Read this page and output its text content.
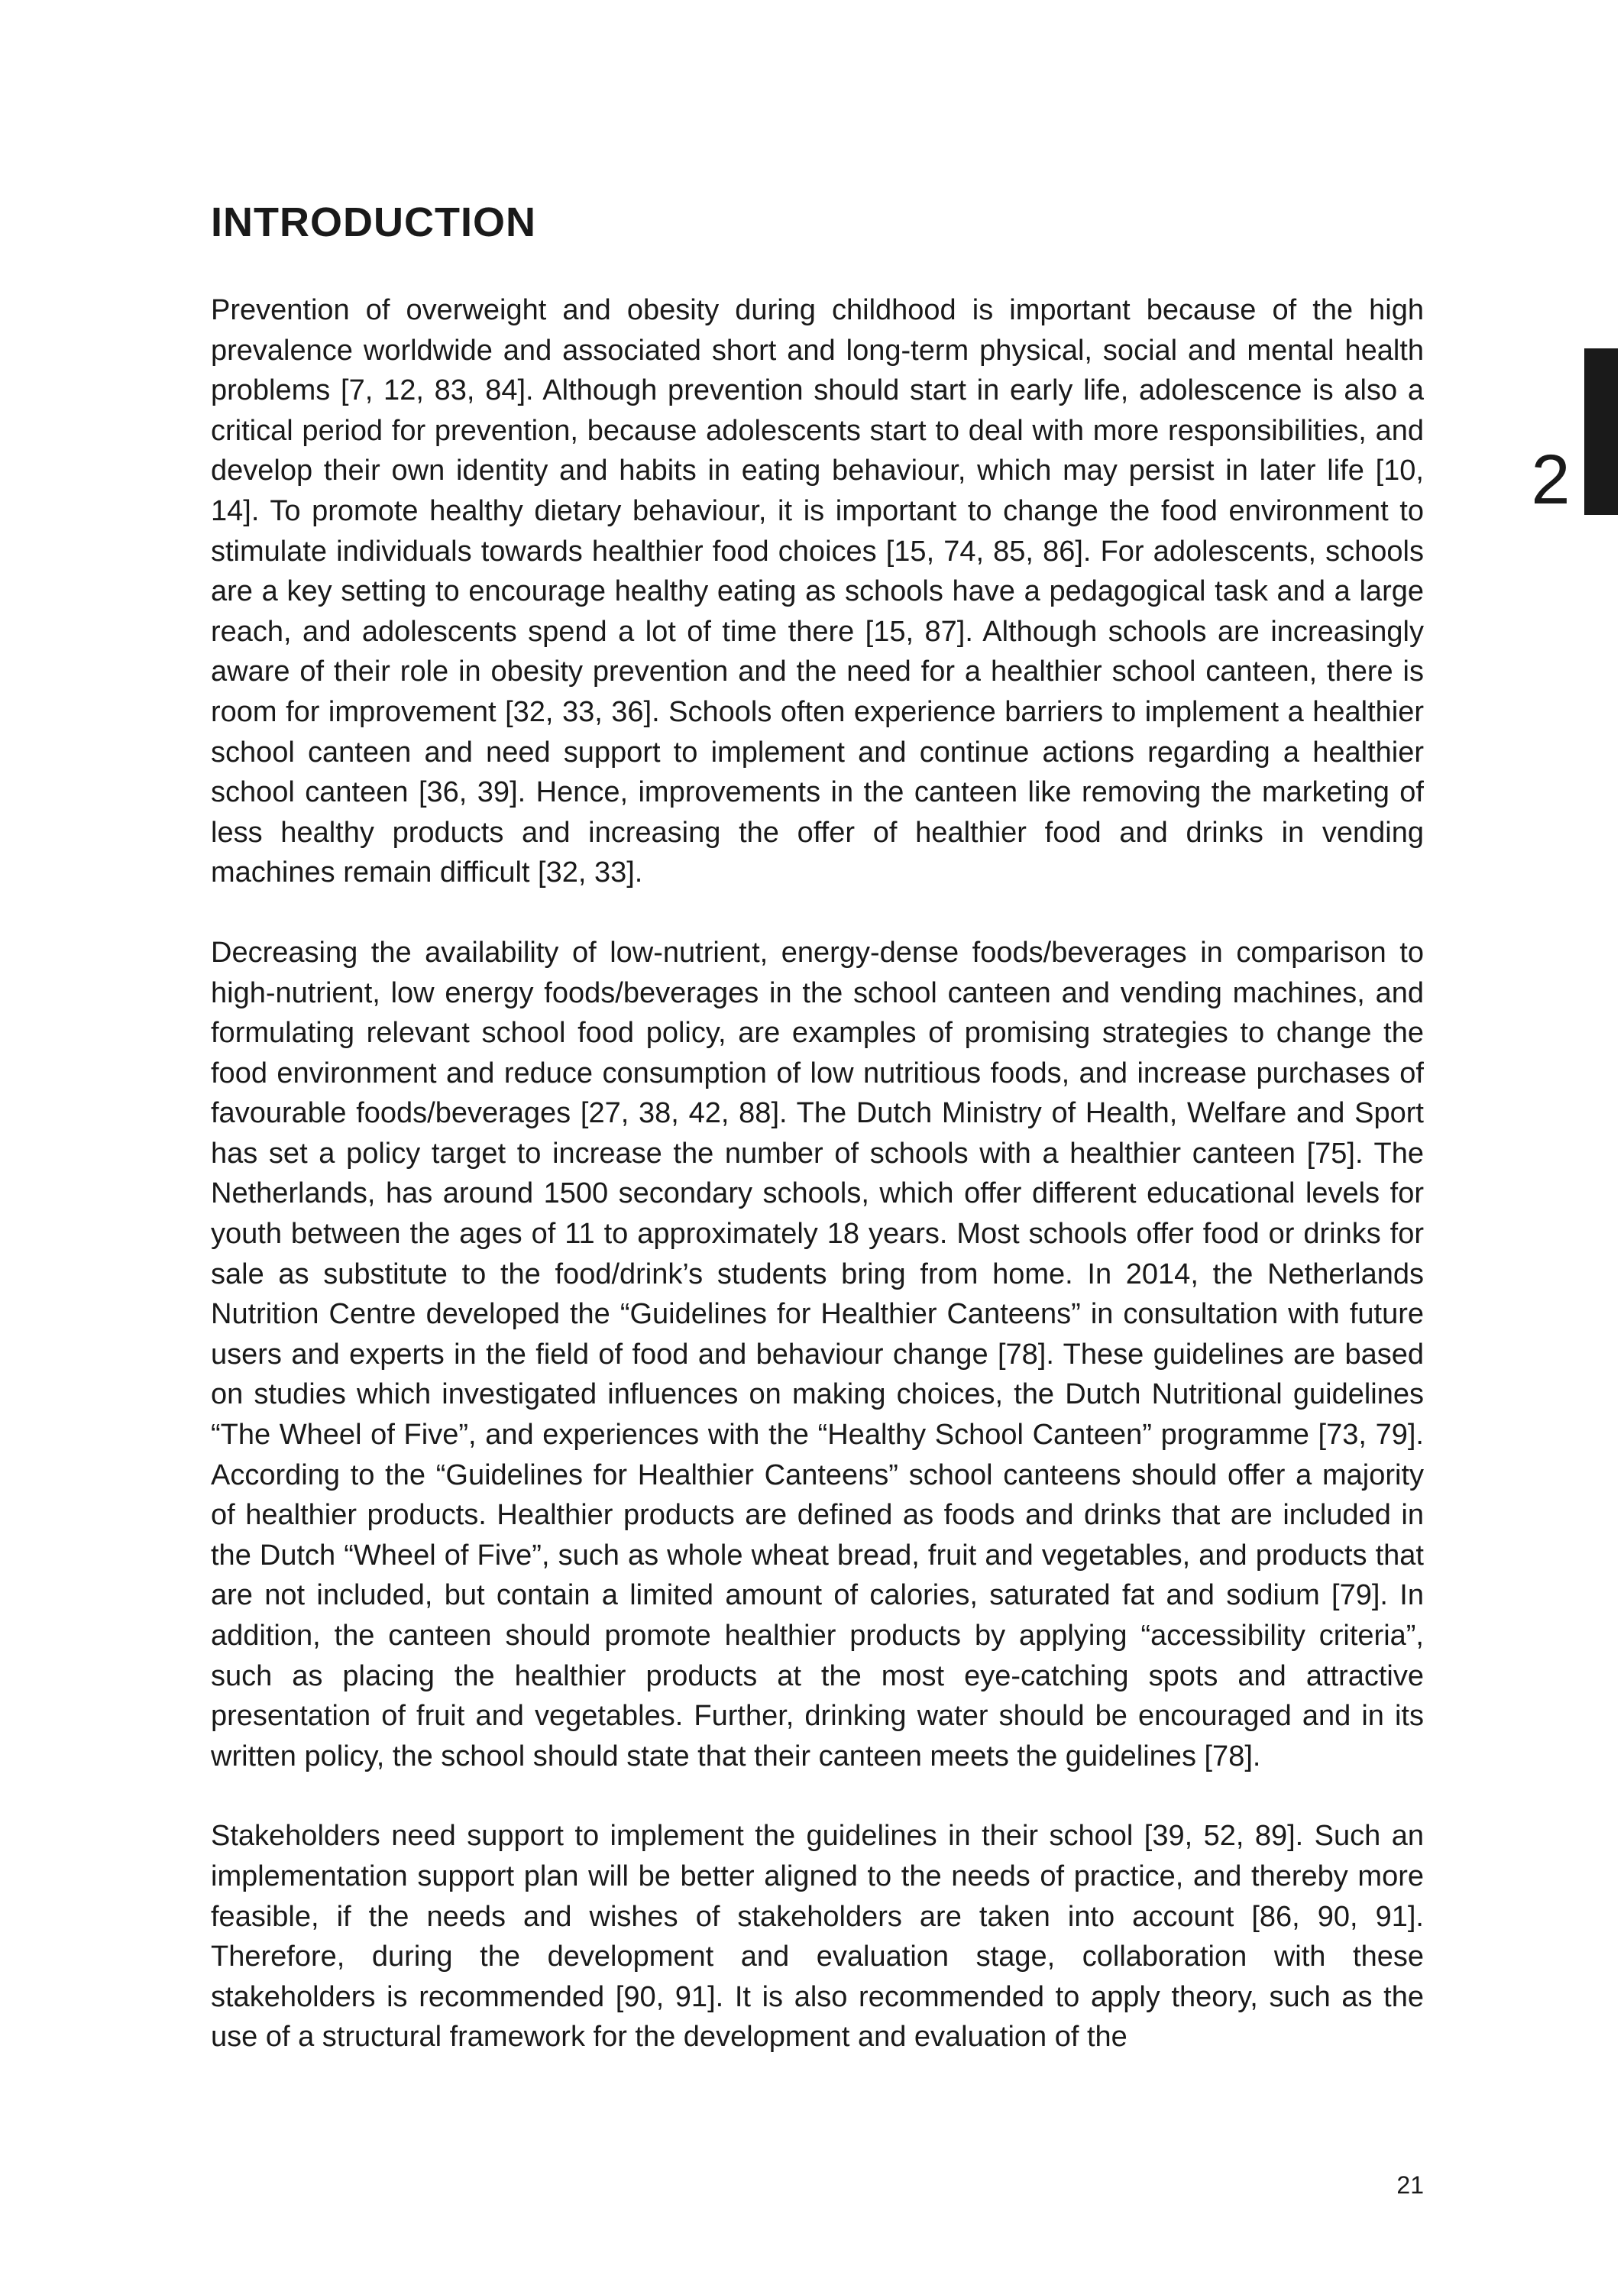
INTRODUCTION

Prevention of overweight and obesity during childhood is important because of the high prevalence worldwide and associated short and long-term physical, social and mental health problems [7, 12, 83, 84]. Although prevention should start in early life, adolescence is also a critical period for prevention, because adolescents start to deal with more responsibilities, and develop their own identity and habits in eating behaviour, which may persist in later life [10, 14]. To promote healthy dietary behaviour, it is important to change the food environment to stimulate individuals towards healthier food choices [15, 74, 85, 86]. For adolescents, schools are a key setting to encourage healthy eating as schools have a pedagogical task and a large reach, and adolescents spend a lot of time there [15, 87]. Although schools are increasingly aware of their role in obesity prevention and the need for a healthier school canteen, there is room for improvement [32, 33, 36]. Schools often experience barriers to implement a healthier school canteen and need support to implement and continue actions regarding a healthier school canteen [36, 39]. Hence, improvements in the canteen like removing the marketing of less healthy products and increasing the offer of healthier food and drinks in vending machines remain difficult [32, 33].

Decreasing the availability of low-nutrient, energy-dense foods/beverages in comparison to high-nutrient, low energy foods/beverages in the school canteen and vending machines, and formulating relevant school food policy, are examples of promising strategies to change the food environment and reduce consumption of low nutritious foods, and increase purchases of favourable foods/beverages [27, 38, 42, 88]. The Dutch Ministry of Health, Welfare and Sport has set a policy target to increase the number of schools with a healthier canteen [75]. The Netherlands, has around 1500 secondary schools, which offer different educational levels for youth between the ages of 11 to approximately 18 years. Most schools offer food or drinks for sale as substitute to the food/drink’s students bring from home. In 2014, the Netherlands Nutrition Centre developed the “Guidelines for Healthier Canteens” in consultation with future users and experts in the field of food and behaviour change [78]. These guidelines are based on studies which investigated influences on making choices, the Dutch Nutritional guidelines “The Wheel of Five”, and experiences with the “Healthy School Canteen” programme [73, 79]. According to the “Guidelines for Healthier Canteens” school canteens should offer a majority of healthier products. Healthier products are defined as foods and drinks that are included in the Dutch “Wheel of Five”, such as whole wheat bread, fruit and vegetables, and products that are not included, but contain a limited amount of calories, saturated fat and sodium [79]. In addition, the canteen should promote healthier products by applying “accessibility criteria”, such as placing the healthier products at the most eye-catching spots and attractive presentation of fruit and vegetables. Further, drinking water should be encouraged and in its written policy, the school should state that their canteen meets the guidelines [78].

Stakeholders need support to implement the guidelines in their school [39, 52, 89]. Such an implementation support plan will be better aligned to the needs of practice, and thereby more feasible, if the needs and wishes of stakeholders are taken into account [86, 90, 91]. Therefore, during the development and evaluation stage, collaboration with these stakeholders is recommended [90, 91]. It is also recommended to apply theory, such as the use of a structural framework for the development and evaluation of the

2
21
